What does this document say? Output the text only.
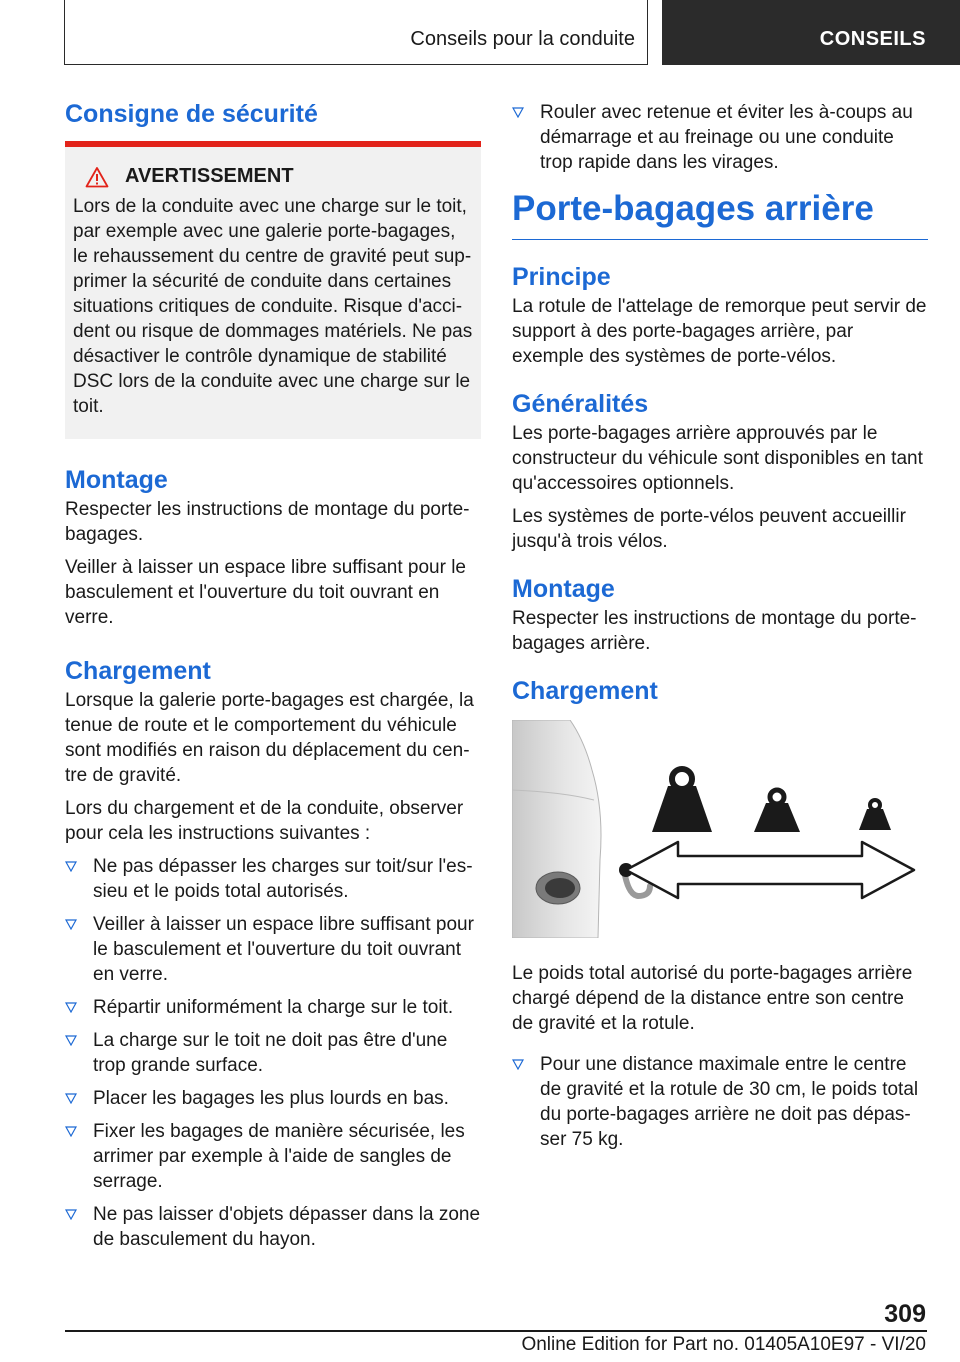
Conseils pour la conduite	CONSEILS
Consigne de sécurité
AVERTISSEMENT

Lors de la conduite avec une charge sur le toit, par exemple avec une galerie porte-bagages, le rehaussement du centre de gravité peut supprimer la sécurité de conduite dans certaines situations critiques de conduite. Risque d'accident ou risque de dommages matériels. Ne pas désactiver le contrôle dynamique de stabilité DSC lors de la conduite avec une charge sur le toit.

Montage

Respecter les instructions de montage du porte-bagages.

Veiller à laisser un espace libre suffisant pour le basculement et l'ouverture du toit ouvrant en verre.

Chargement

Lorsque la galerie porte-bagages est chargée, la tenue de route et le comportement du véhicule sont modifiés en raison du déplacement du centre de gravité.

Lors du chargement et de la conduite, observer pour cela les instructions suivantes :

Ne pas dépasser les charges sur toit/sur l'essieu et le poids total autorisés.
Veiller à laisser un espace libre suffisant pour le basculement et l'ouverture du toit ouvrant en verre.
Répartir uniformément la charge sur le toit.
La charge sur le toit ne doit pas être d'une trop grande surface.
Placer les bagages les plus lourds en bas.
Fixer les bagages de manière sécurisée, les arrimer par exemple à l'aide de sangles de serrage.
Ne pas laisser d'objets dépasser dans la zone de basculement du hayon.
Rouler avec retenue et éviter les à-coups au démarrage et au freinage ou une conduite trop rapide dans les virages.
Porte-bagages arrière
Principe

La rotule de l'attelage de remorque peut servir de support à des porte-bagages arrière, par exemple des systèmes de porte-vélos.

Généralités

Les porte-bagages arrière approuvés par le constructeur du véhicule sont disponibles en tant qu'accessoires optionnels.

Les systèmes de porte-vélos peuvent accueillir jusqu'à trois vélos.

Montage

Respecter les instructions de montage du porte-bagages arrière.

Chargement

Le poids total autorisé du porte-bagages arrière chargé dépend de la distance entre son centre de gravité et la rotule.

Pour une distance maximale entre le centre de gravité et la rotule de 30 cm, le poids total du porte-bagages arrière ne doit pas dépasser 75 kg.
309
Online Edition for Part no. 01405A10E97 - VI/20
